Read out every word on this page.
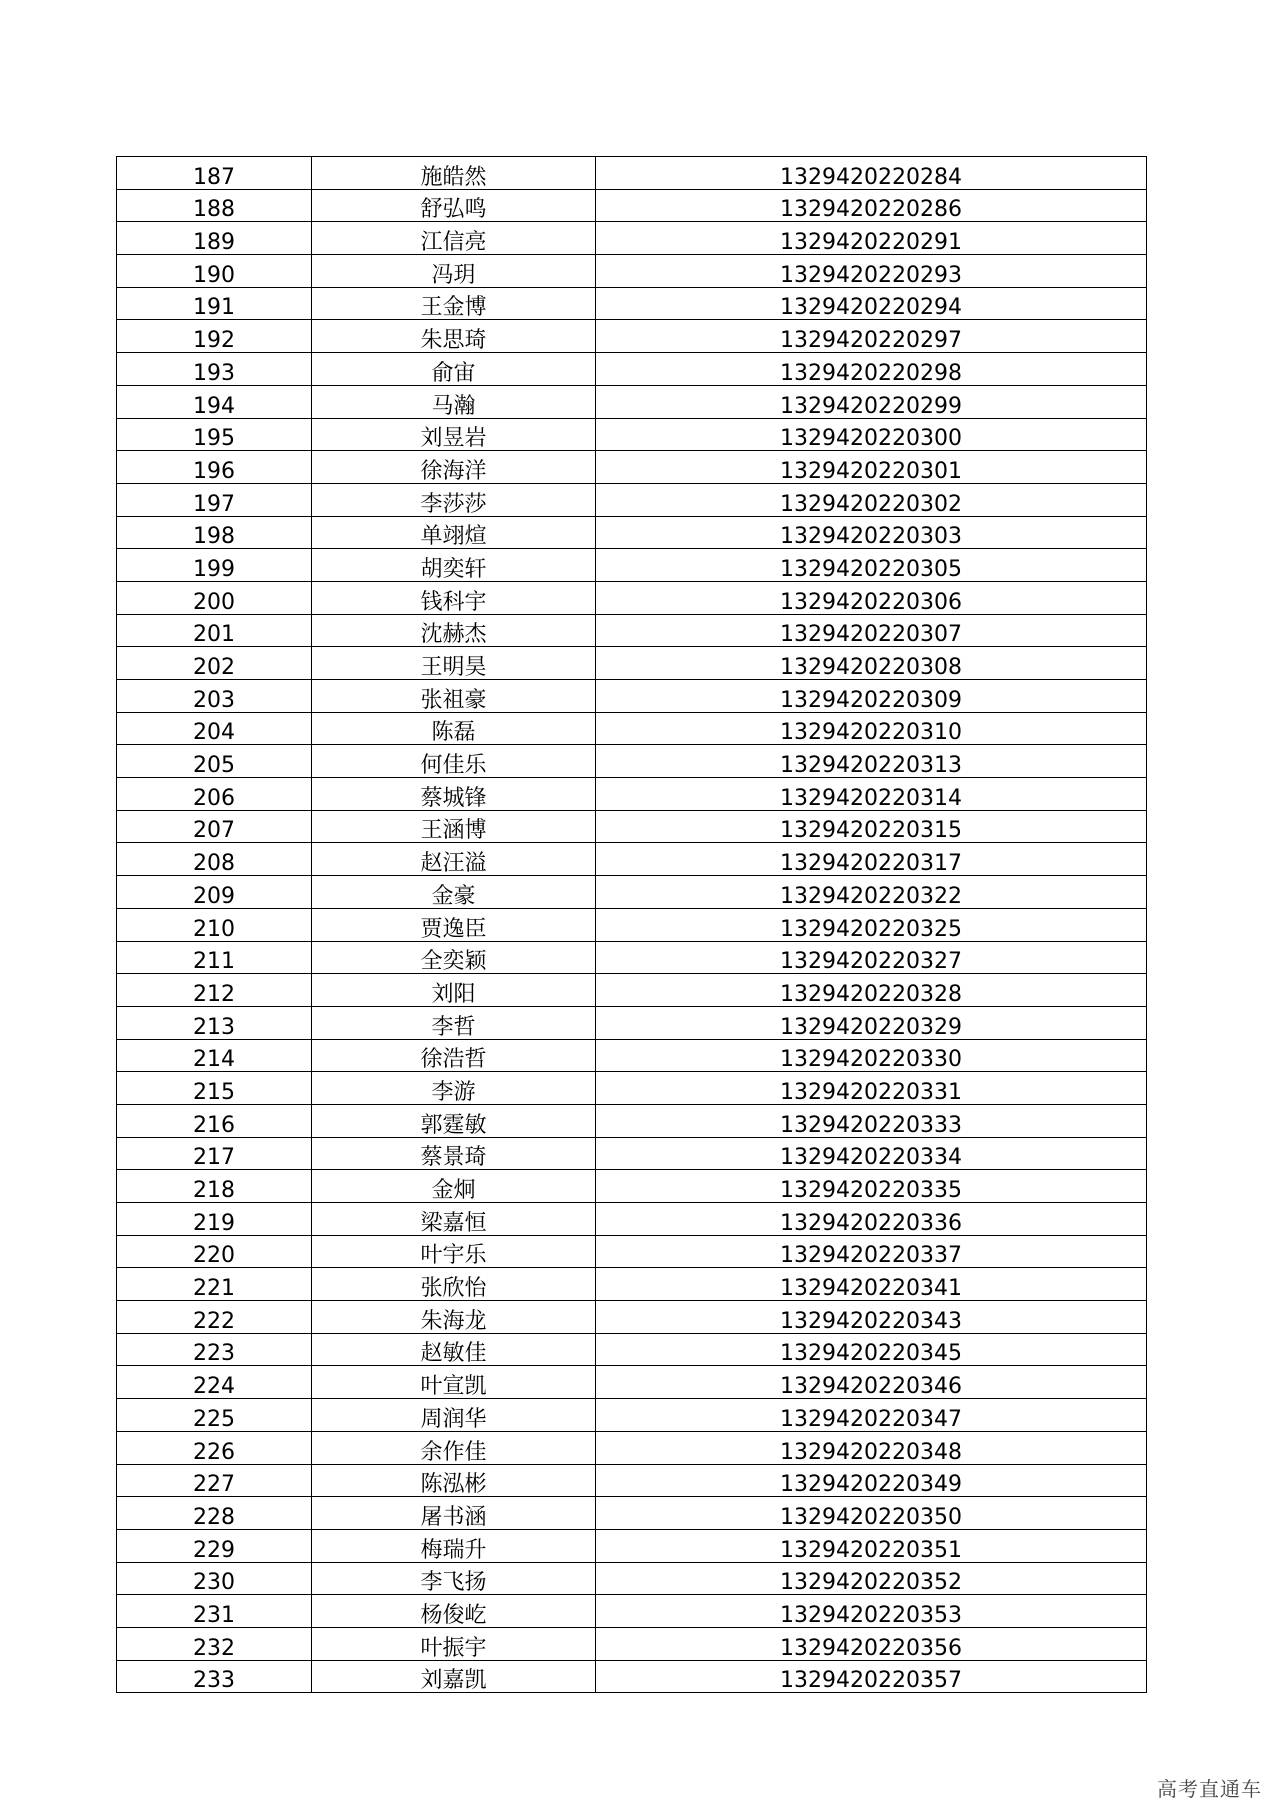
187	施皓然	1329420220284
188	舒弘鸣	1329420220286
189	江信亮	1329420220291
190	冯玥	1329420220293
191	王金博	1329420220294
192	朱思琦	1329420220297
193	俞宙	1329420220298
194	马瀚	1329420220299
195	刘昱岩	1329420220300
196	徐海洋	1329420220301
197	李莎莎	1329420220302
198	单翊煊	1329420220303
199	胡奕轩	1329420220305
200	钱科宇	1329420220306
201	沈赫杰	1329420220307
202	王明昊	1329420220308
203	张祖豪	1329420220309
204	陈磊	1329420220310
205	何佳乐	1329420220313
206	蔡城锋	1329420220314
207	王涵博	1329420220315
208	赵汪溢	1329420220317
209	金豪	1329420220322
210	贾逸臣	1329420220325
211	全奕颖	1329420220327
212	刘阳	1329420220328
213	李哲	1329420220329
214	徐浩哲	1329420220330
215	李游	1329420220331
216	郭霆敏	1329420220333
217	蔡景琦	1329420220334
218	金炯	1329420220335
219	梁嘉恒	1329420220336
220	叶宇乐	1329420220337
221	张欣怡	1329420220341
222	朱海龙	1329420220343
223	赵敏佳	1329420220345
224	叶宣凯	1329420220346
225	周润华	1329420220347
226	余作佳	1329420220348
227	陈泓彬	1329420220349
228	屠书涵	1329420220350
229	梅瑞升	1329420220351
230	李飞扬	1329420220352
231	杨俊屹	1329420220353
232	叶振宇	1329420220356
233	刘嘉凯	1329420220357
高考直通车
